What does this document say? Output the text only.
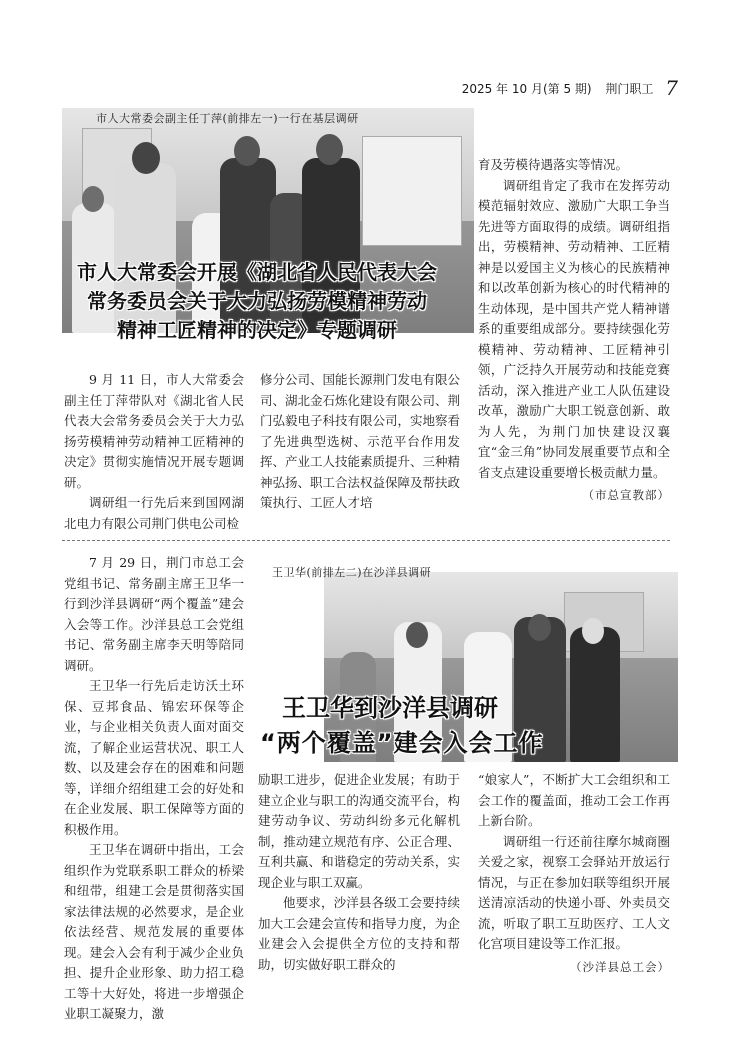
2025 年 10 月(第 5 期) 荆门职工 7
市人大常委会副主任丁萍(前排左一)一行在基层调研
市人大常委会开展《湖北省人民代表大会
常务委员会关于大力弘扬劳模精神劳动
精神工匠精神的决定》专题调研

9 月 11 日，市人大常委会副主任丁萍带队对《湖北省人民代表大会常务委员会关于大力弘扬劳模精神劳动精神工匠精神的决定》贯彻实施情况开展专题调研。

调研组一行先后来到国网湖北电力有限公司荆门供电公司检

修分公司、国能长源荆门发电有限公司、湖北金石炼化建设有限公司、荆门弘毅电子科技有限公司，实地察看了先进典型选树、示范平台作用发挥、产业工人技能素质提升、三种精神弘扬、职工合法权益保障及帮扶政策执行、工匠人才培

育及劳模待遇落实等情况。

调研组肯定了我市在发挥劳动模范辐射效应、激励广大职工争当先进等方面取得的成绩。调研组指出，劳模精神、劳动精神、工匠精神是以爱国主义为核心的民族精神和以改革创新为核心的时代精神的生动体现，是中国共产党人精神谱系的重要组成部分。要持续强化劳模精神、劳动精神、工匠精神引领，广泛持久开展劳动和技能竞赛活动，深入推进产业工人队伍建设改革，激励广大职工锐意创新、敢为人先，为荆门加快建设汉襄宜“金三角”协同发展重要节点和全省支点建设重要增长极贡献力量。

（市总宣教部）
王卫华(前排左二)在沙洋县调研
王卫华到沙洋县调研
“两个覆盖”建会入会工作

7 月 29 日，荆门市总工会党组书记、常务副主席王卫华一行到沙洋县调研“两个覆盖”建会入会等工作。沙洋县总工会党组书记、常务副主席李天明等陪同调研。

王卫华一行先后走访沃土环保、豆邦食品、锦宏环保等企业，与企业相关负责人面对面交流，了解企业运营状况、职工人数、以及建会存在的困难和问题等，详细介绍组建工会的好处和在企业发展、职工保障等方面的积极作用。

王卫华在调研中指出，工会组织作为党联系职工群众的桥梁和纽带，组建工会是贯彻落实国家法律法规的必然要求，是企业依法经营、规范发展的重要体现。建会入会有利于减少企业负担、提升企业形象、助力招工稳工等十大好处，将进一步增强企业职工凝聚力，激

励职工进步，促进企业发展；有助于建立企业与职工的沟通交流平台，构建劳动争议、劳动纠纷多元化解机制，推动建立规范有序、公正合理、互利共赢、和谐稳定的劳动关系，实现企业与职工双赢。

他要求，沙洋县各级工会要持续加大工会建会宣传和指导力度，为企业建会入会提供全方位的支持和帮助，切实做好职工群众的

“娘家人”，不断扩大工会组织和工会工作的覆盖面，推动工会工作再上新台阶。

调研组一行还前往摩尔城商圈关爱之家，视察工会驿站开放运行情况，与正在参加妇联等组织开展送清凉活动的快递小哥、外卖员交流，听取了职工互助医疗、工人文化宫项目建设等工作汇报。

（沙洋县总工会）
